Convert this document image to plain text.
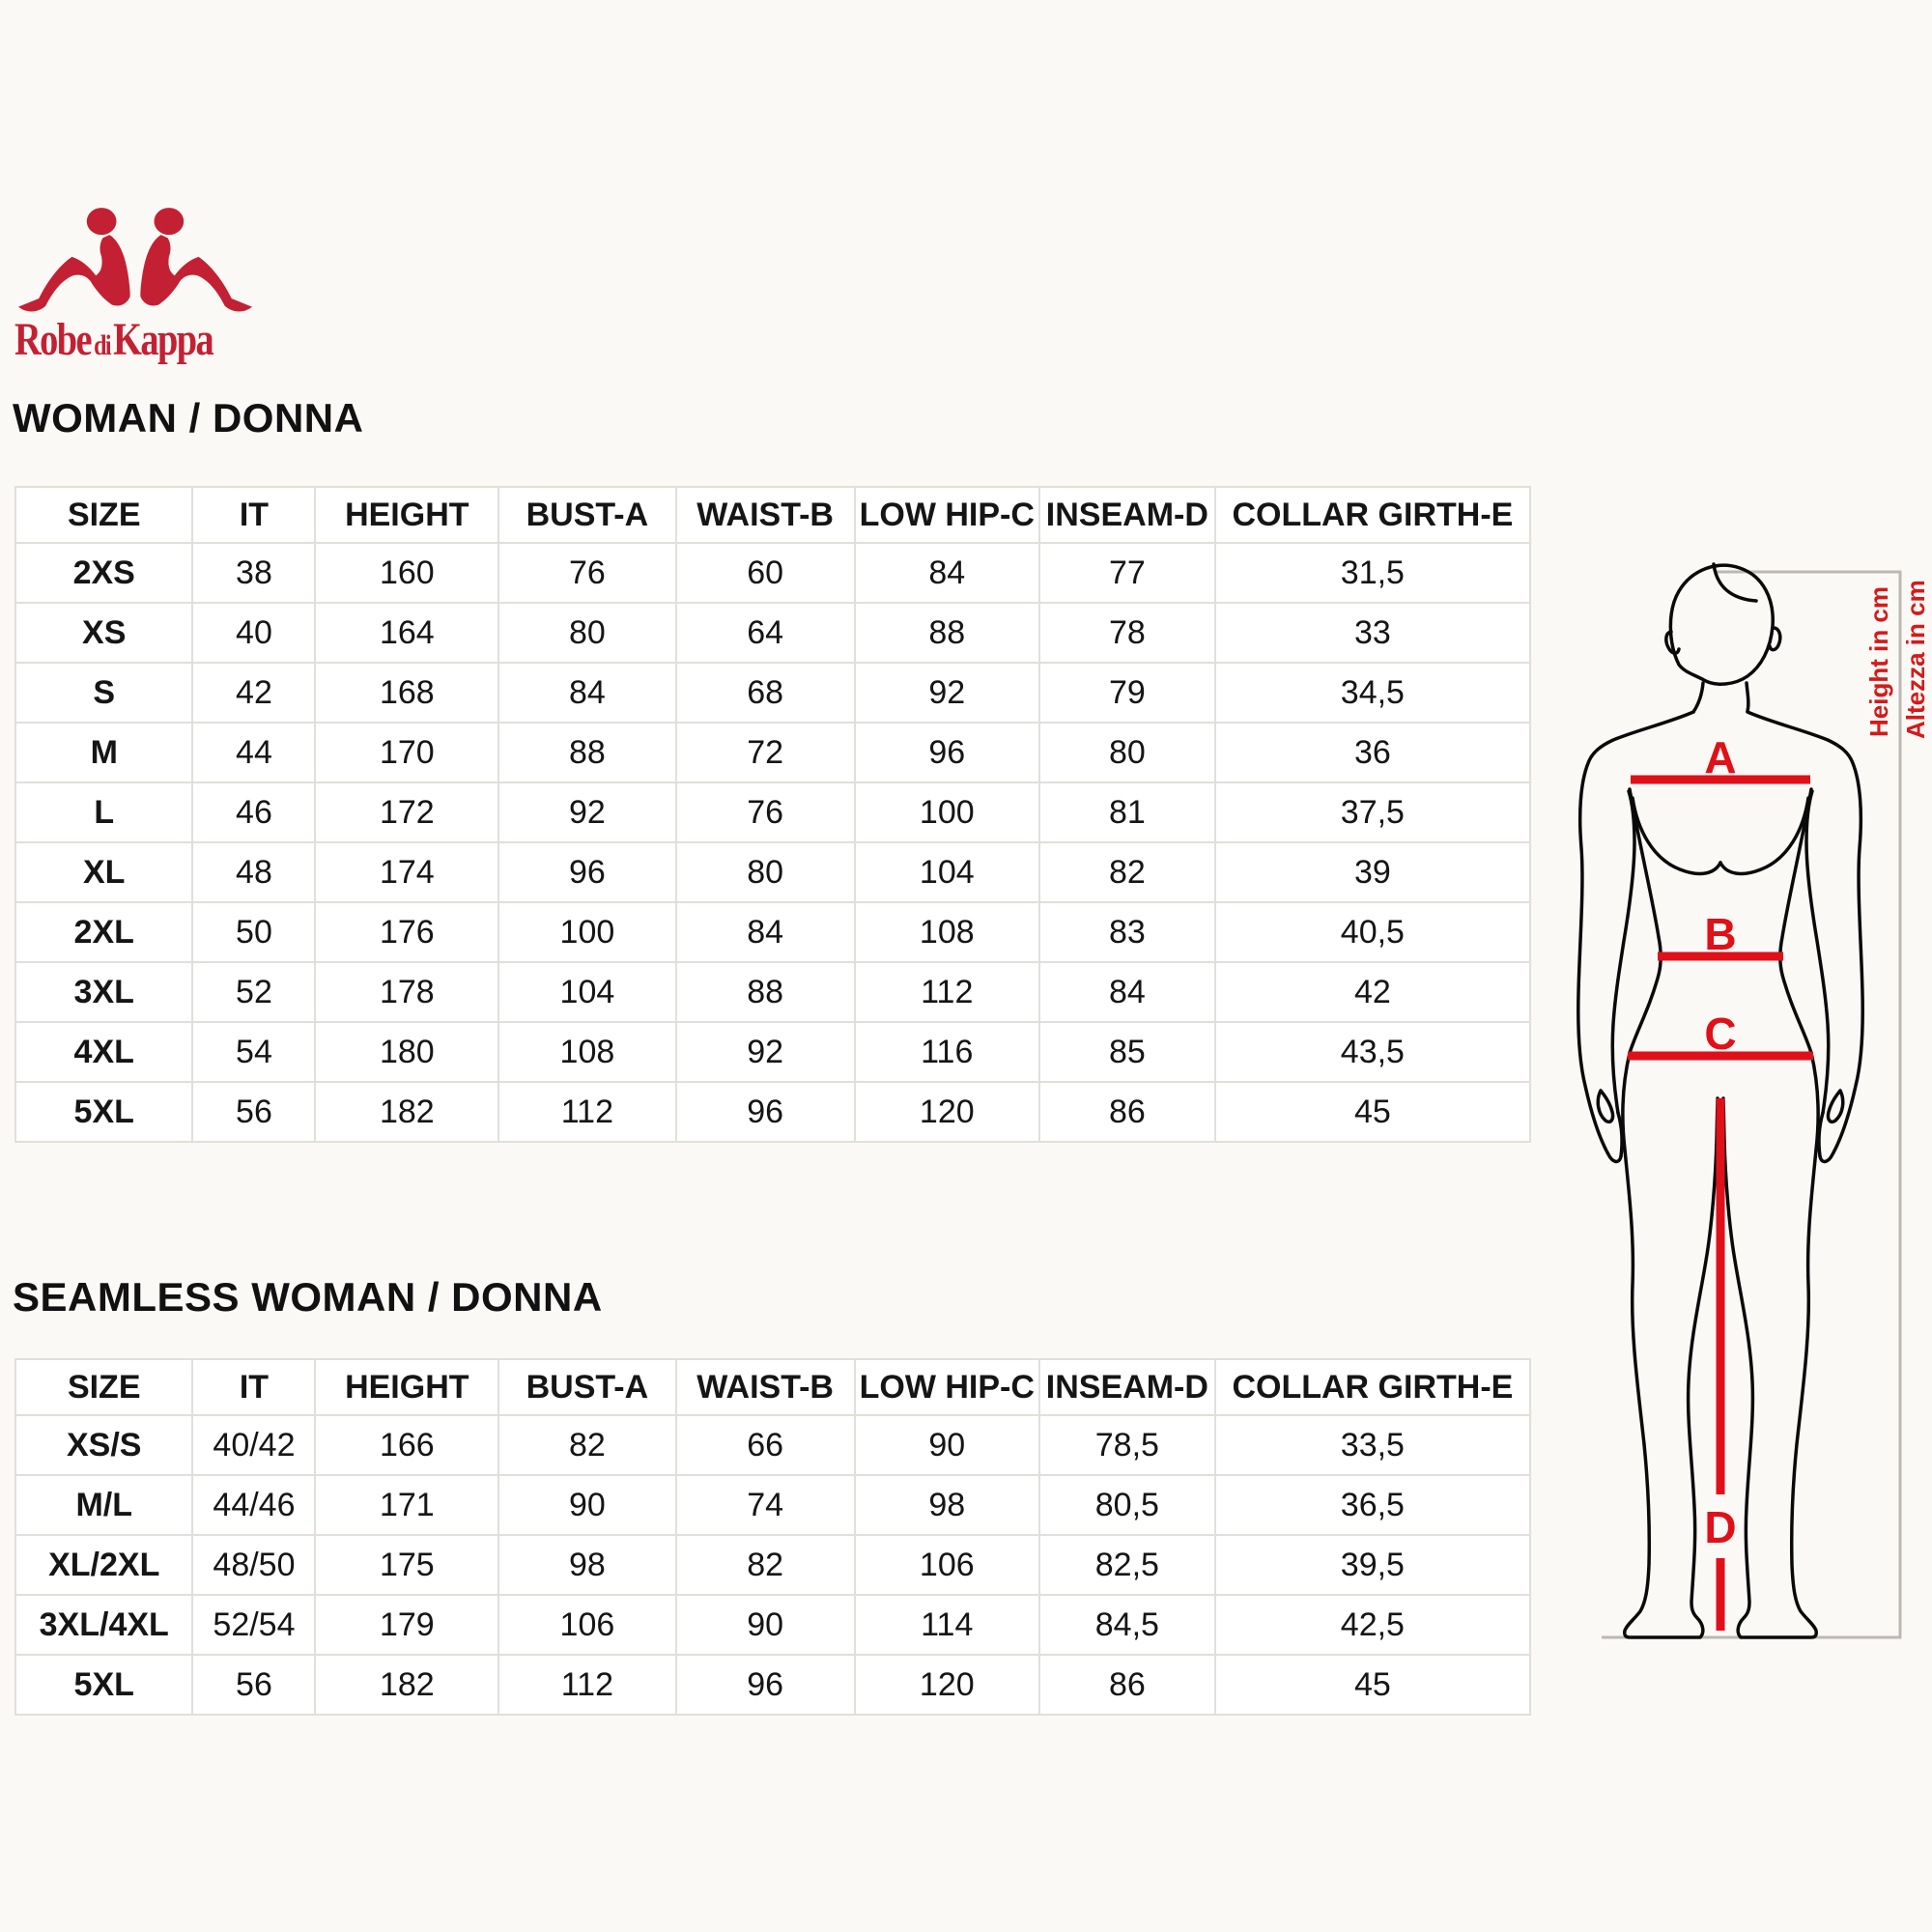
Robe diKappa
WOMAN / DONNA
SIZE	IT	HEIGHT	BUST-A	WAIST-B	LOW HIP-C	INSEAM-D	COLLAR GIRTH-E
2XS	38	160	76	60	84	77	31,5
XS	40	164	80	64	88	78	33
S	42	168	84	68	92	79	34,5
M	44	170	88	72	96	80	36
L	46	172	92	76	100	81	37,5
XL	48	174	96	80	104	82	39
2XL	50	176	100	84	108	83	40,5
3XL	52	178	104	88	112	84	42
4XL	54	180	108	92	116	85	43,5
5XL	56	182	112	96	120	86	45
SEAMLESS WOMAN / DONNA
SIZE	IT	HEIGHT	BUST-A	WAIST-B	LOW HIP-C	INSEAM-D	COLLAR GIRTH-E
XS/S	40/42	166	82	66	90	78,5	33,5
M/L	44/46	171	90	74	98	80,5	36,5
XL/2XL	48/50	175	98	82	106	82,5	39,5
3XL/4XL	52/54	179	106	90	114	84,5	42,5
5XL	56	182	112	96	120	86	45
Height in cm Altezza in cm
A
B
C
D
